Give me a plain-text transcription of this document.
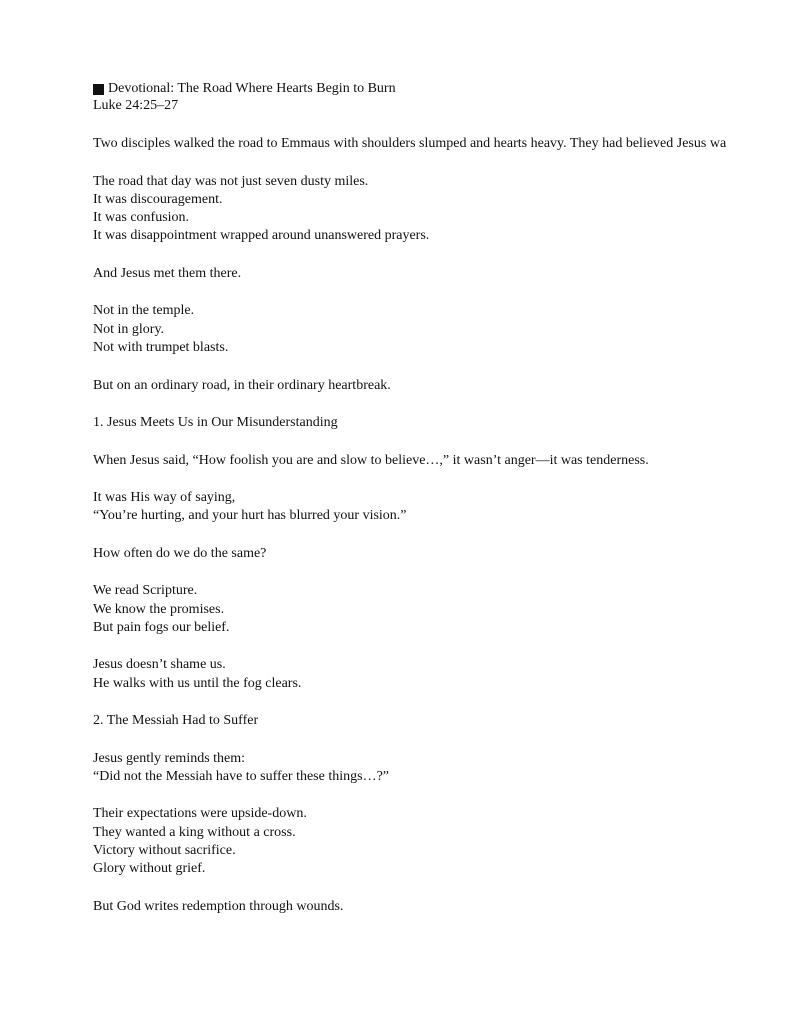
Devotional: The Road Where Hearts Begin to Burn
Luke 24:25–27
Two disciples walked the road to Emmaus with shoulders slumped and hearts heavy. They had believed Jesus wa
The road that day was not just seven dusty miles.
It was discouragement.
It was confusion.
It was disappointment wrapped around unanswered prayers.
And Jesus met them there.
Not in the temple.
Not in glory.
Not with trumpet blasts.
But on an ordinary road, in their ordinary heartbreak.
1. Jesus Meets Us in Our Misunderstanding
When Jesus said, “How foolish you are and slow to believe…,” it wasn’t anger—it was tenderness.
It was His way of saying,
“You’re hurting, and your hurt has blurred your vision.”
How often do we do the same?
We read Scripture.
We know the promises.
But pain fogs our belief.
Jesus doesn’t shame us.
He walks with us until the fog clears.
2. The Messiah Had to Suffer
Jesus gently reminds them:
“Did not the Messiah have to suffer these things…?”
Their expectations were upside-down.
They wanted a king without a cross.
Victory without sacrifice.
Glory without grief.
But God writes redemption through wounds.
